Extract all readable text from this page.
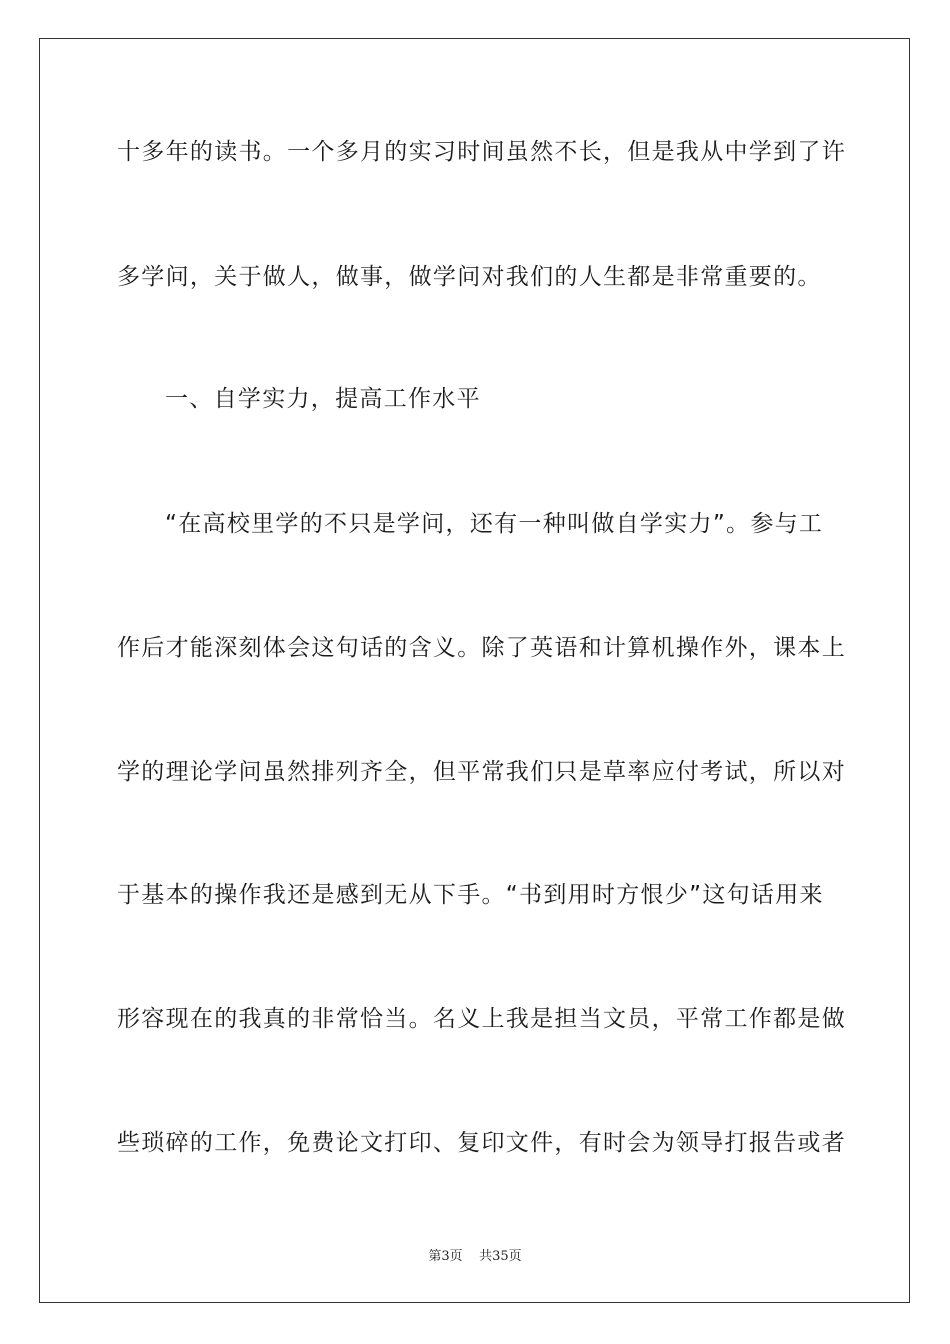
十多年的读书。一个多月的实习时间虽然不长，但是我从中学到了许
多学问，关于做人，做事，做学问对我们的人生都是非常重要的。
一、自学实力，提高工作水平
“在高校里学的不只是学问，还有一种叫做自学实力”。参与工
作后才能深刻体会这句话的含义。除了英语和计算机操作外，课本上
学的理论学问虽然排列齐全，但平常我们只是草率应付考试，所以对
于基本的操作我还是感到无从下手。“书到用时方恨少”这句话用来
形容现在的我真的非常恰当。名义上我是担当文员，平常工作都是做
些琐碎的工作，免费论文打印、复印文件，有时会为领导打报告或者
第3页 共35页
